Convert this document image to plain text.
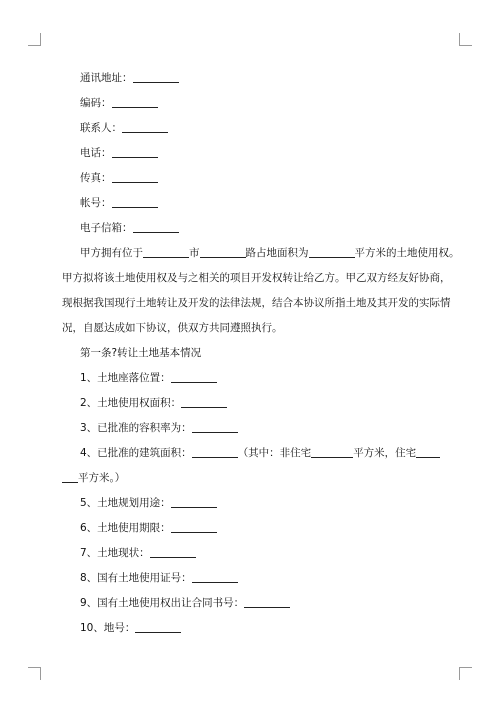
通讯地址：
编码：
联系人：
电话：
传真：
帐号：
电子信箱：
甲方拥有位于	市	路占地面积为	平方米的土地使用权。
甲方拟将该土地使用权及与之相关的项目开发权转让给乙方。甲乙双方经友好协商，
现根据我国现行土地转让及开发的法律法规，结合本协议所指土地及其开发的实际情
况，自愿达成如下协议，供双方共同遵照执行。
第一条?转让土地基本情况
1、土地座落位置：
2、土地使用权面积：
3、已批准的容积率为：
4、已批准的建筑面积：	（其中：非住宅	平方米，住宅
平方米。）
5、土地规划用途：
6、土地使用期限：
7、土地现状：
8、国有土地使用证号：
9、国有土地使用权出让合同书号：
10、地号：
